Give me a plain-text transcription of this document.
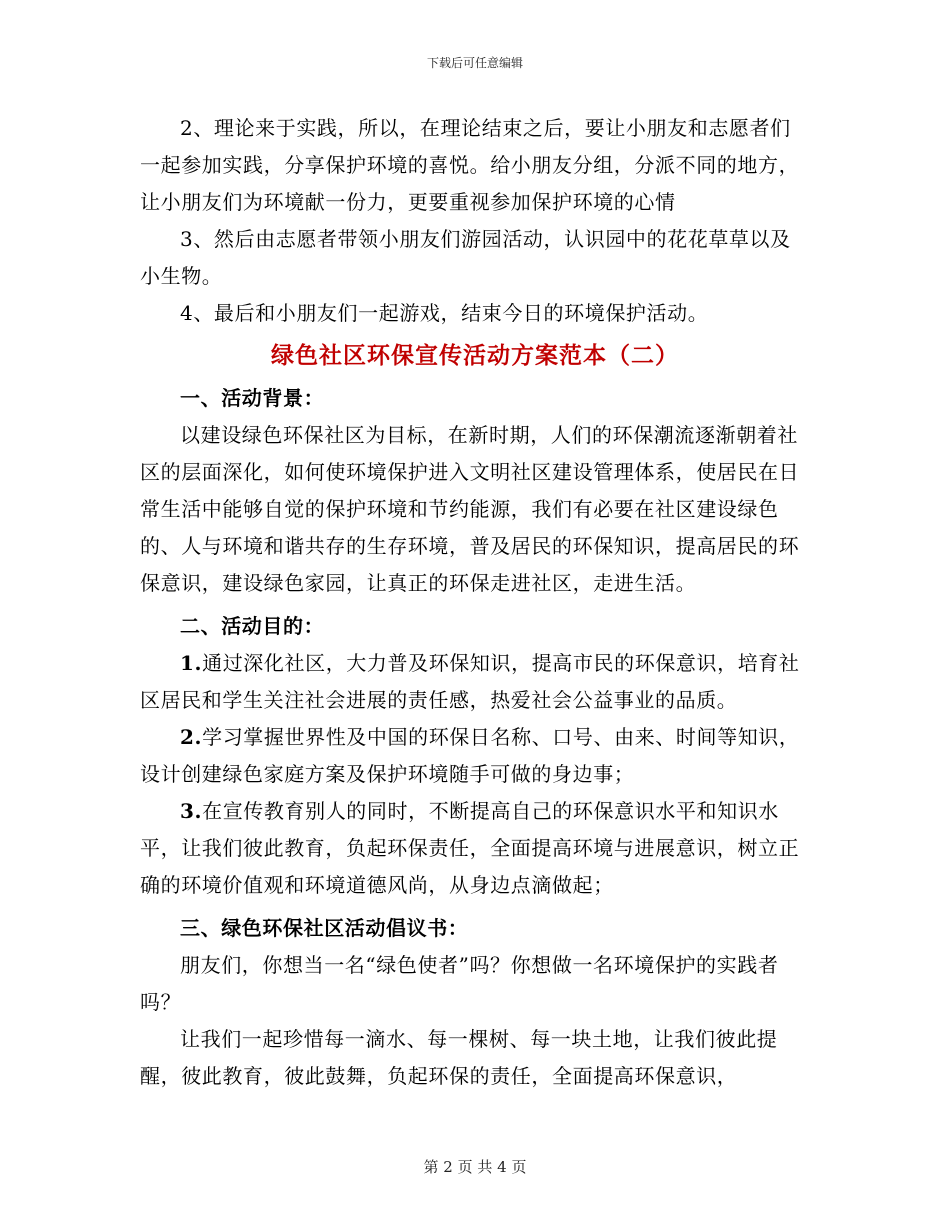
下载后可任意编辑

2、理论来于实践，所以，在理论结束之后，要让小朋友和志愿者们一起参加实践，分享保护环境的喜悦。给小朋友分组，分派不同的地方，让小朋友们为环境献一份力，更要重视参加保护环境的心情

3、然后由志愿者带领小朋友们游园活动，认识园中的花花草草以及小生物。

4、最后和小朋友们一起游戏，结束今日的环境保护活动。

绿色社区环保宣传活动方案范本（二）

一、活动背景：

以建设绿色环保社区为目标，在新时期，人们的环保潮流逐渐朝着社区的层面深化，如何使环境保护进入文明社区建设管理体系，使居民在日常生活中能够自觉的保护环境和节约能源，我们有必要在社区建设绿色的、人与环境和谐共存的生存环境，普及居民的环保知识，提高居民的环保意识，建设绿色家园，让真正的环保走进社区，走进生活。

二、活动目的：

1.通过深化社区，大力普及环保知识，提高市民的环保意识，培育社区居民和学生关注社会进展的责任感，热爱社会公益事业的品质。

2.学习掌握世界性及中国的环保日名称、口号、由来、时间等知识，设计创建绿色家庭方案及保护环境随手可做的身边事；

3.在宣传教育别人的同时，不断提高自己的环保意识水平和知识水平，让我们彼此教育，负起环保责任，全面提高环境与进展意识，树立正确的环境价值观和环境道德风尚，从身边点滴做起；

三、绿色环保社区活动倡议书：

朋友们，你想当一名“绿色使者”吗？你想做一名环境保护的实践者吗？

让我们一起珍惜每一滴水、每一棵树、每一块土地，让我们彼此提醒，彼此教育，彼此鼓舞，负起环保的责任，全面提高环保意识，

第 2 页 共 4 页
